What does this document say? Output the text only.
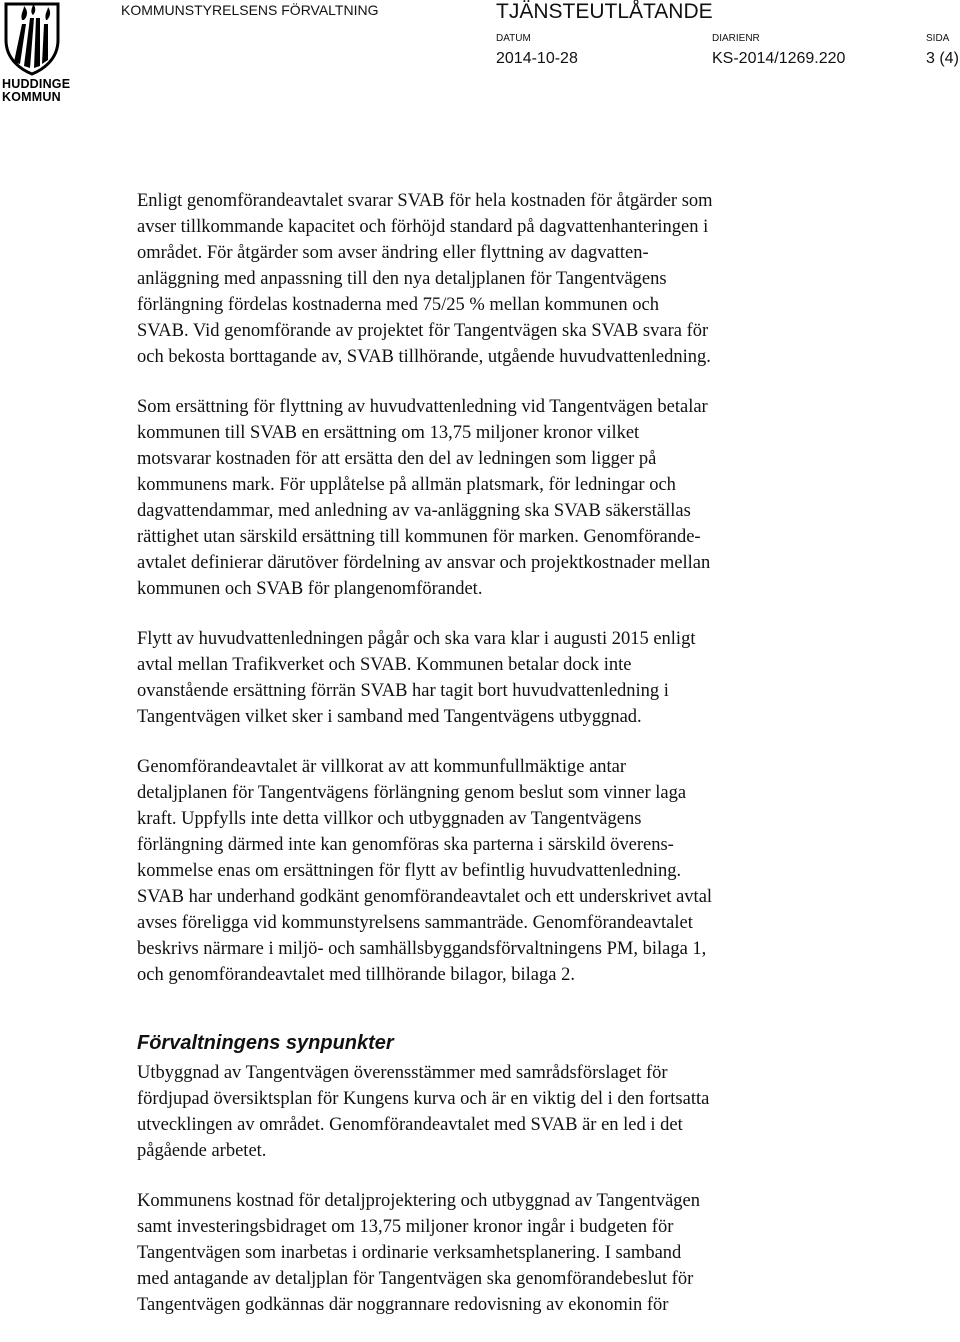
HUDDINGE
KOMMUN
KOMMUNSTYRELSENS FÖRVALTNING	TJÄNSTEUTLÅTANDE
DATUM
2014-10-28
DIARIENR
KS-2014/1269.220
SIDA
3 (4)

Enligt genomförandeavtalet svarar SVAB för hela kostnaden för åtgärder som
avser tillkommande kapacitet och förhöjd standard på dagvattenhanteringen i
området. För åtgärder som avser ändring eller flyttning av dagvatten-
anläggning med anpassning till den nya detaljplanen för Tangentvägens
förlängning fördelas kostnaderna med 75/25 % mellan kommunen och
SVAB. Vid genomförande av projektet för Tangentvägen ska SVAB svara för
och bekosta borttagande av, SVAB tillhörande, utgående huvudvattenledning.

Som ersättning för flyttning av huvudvattenledning vid Tangentvägen betalar
kommunen till SVAB en ersättning om 13,75 miljoner kronor vilket
motsvarar kostnaden för att ersätta den del av ledningen som ligger på
kommunens mark. För upplåtelse på allmän platsmark, för ledningar och
dagvattendammar, med anledning av va-anläggning ska SVAB säkerställas
rättighet utan särskild ersättning till kommunen för marken. Genomförande-
avtalet definierar därutöver fördelning av ansvar och projektkostnader mellan
kommunen och SVAB för plangenomförandet.

Flytt av huvudvattenledningen pågår och ska vara klar i augusti 2015 enligt
avtal mellan Trafikverket och SVAB. Kommunen betalar dock inte
ovanstående ersättning förrän SVAB har tagit bort huvudvattenledning i
Tangentvägen vilket sker i samband med Tangentvägens utbyggnad.

Genomförandeavtalet är villkorat av att kommunfullmäktige antar
detaljplanen för Tangentvägens förlängning genom beslut som vinner laga
kraft. Uppfylls inte detta villkor och utbyggnaden av Tangentvägens
förlängning därmed inte kan genomföras ska parterna i särskild överens-
kommelse enas om ersättningen för flytt av befintlig huvudvattenledning.
SVAB har underhand godkänt genomförandeavtalet och ett underskrivet avtal
avses föreligga vid kommunstyrelsens sammanträde. Genomförandeavtalet
beskrivs närmare i miljö- och samhällsbyggandsförvaltningens PM, bilaga 1,
och genomförandeavtalet med tillhörande bilagor, bilaga 2.

Förvaltningens synpunkter

Utbyggnad av Tangentvägen överensstämmer med samrådsförslaget för
fördjupad översiktsplan för Kungens kurva och är en viktig del i den fortsatta
utvecklingen av området. Genomförandeavtalet med SVAB är en led i det
pågående arbetet.

Kommunens kostnad för detaljprojektering och utbyggnad av Tangentvägen
samt investeringsbidraget om 13,75 miljoner kronor ingår i budgeten för
Tangentvägen som inarbetas i ordinarie verksamhetsplanering. I samband
med antagande av detaljplan för Tangentvägen ska genomförandebeslut för
Tangentvägen godkännas där noggrannare redovisning av ekonomin för
